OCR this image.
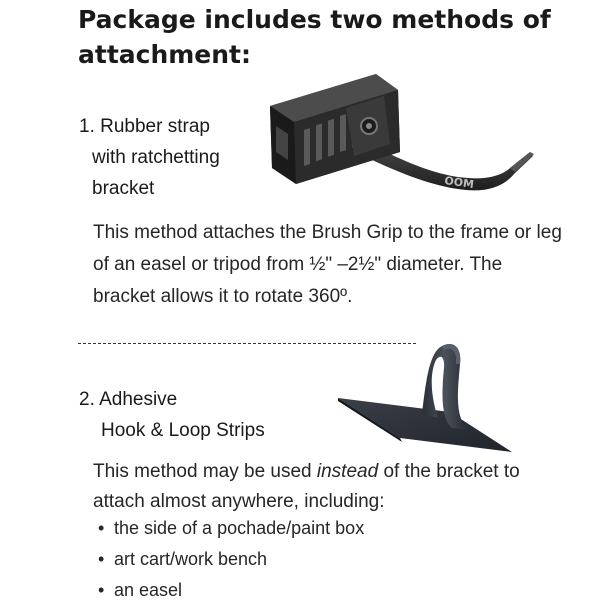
Package includes two methods of attachment:
1. Rubber strap
with ratchetting
bracket	OOM
This method attaches the Brush Grip to the frame or leg of an easel or tripod from ½" –2½" diameter. The bracket allows it to rotate 360º.
2. Adhesive
Hook & Loop Strips
This method may be used instead of the bracket to attach almost anywhere, including:
• the side of a pochade/paint box
• art cart/work bench
• an easel
